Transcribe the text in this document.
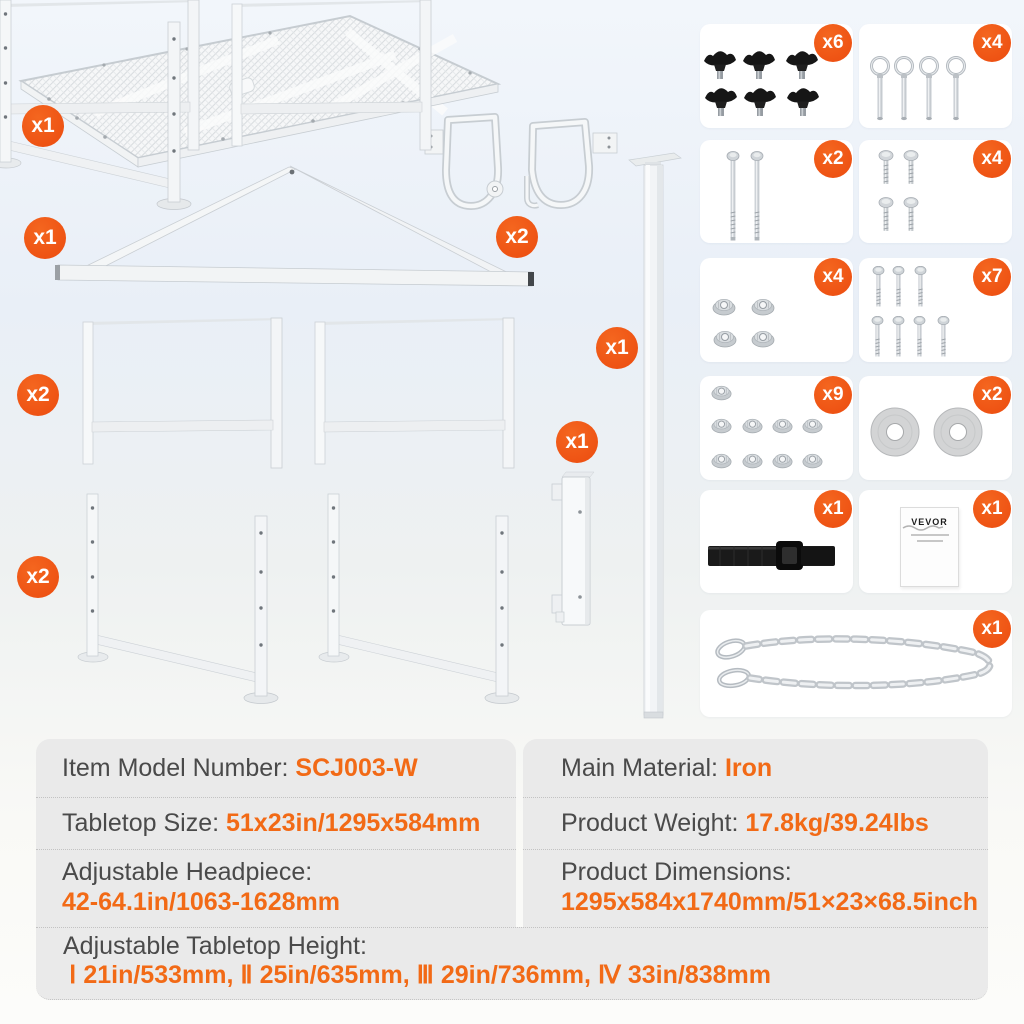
x1
x1	x2
x2
x1
x1
x2
x6	x4
x2	x4
x4	x7
x9	x2
x1
VEVOR
x1
x1
Item Model Number: SCJ003-W
Tabletop Size: 51x23in/1295x584mm
Adjustable Headpiece:
42-64.1in/1063-1628mm
Main Material: Iron
Product Weight: 17.8kg/39.24lbs
Product Dimensions:
1295x584x1740mm/51×23×68.5inch
Adjustable Tabletop Height:
Ⅰ 21in/533mm, Ⅱ 25in/635mm, Ⅲ 29in/736mm, Ⅳ 33in/838mm
